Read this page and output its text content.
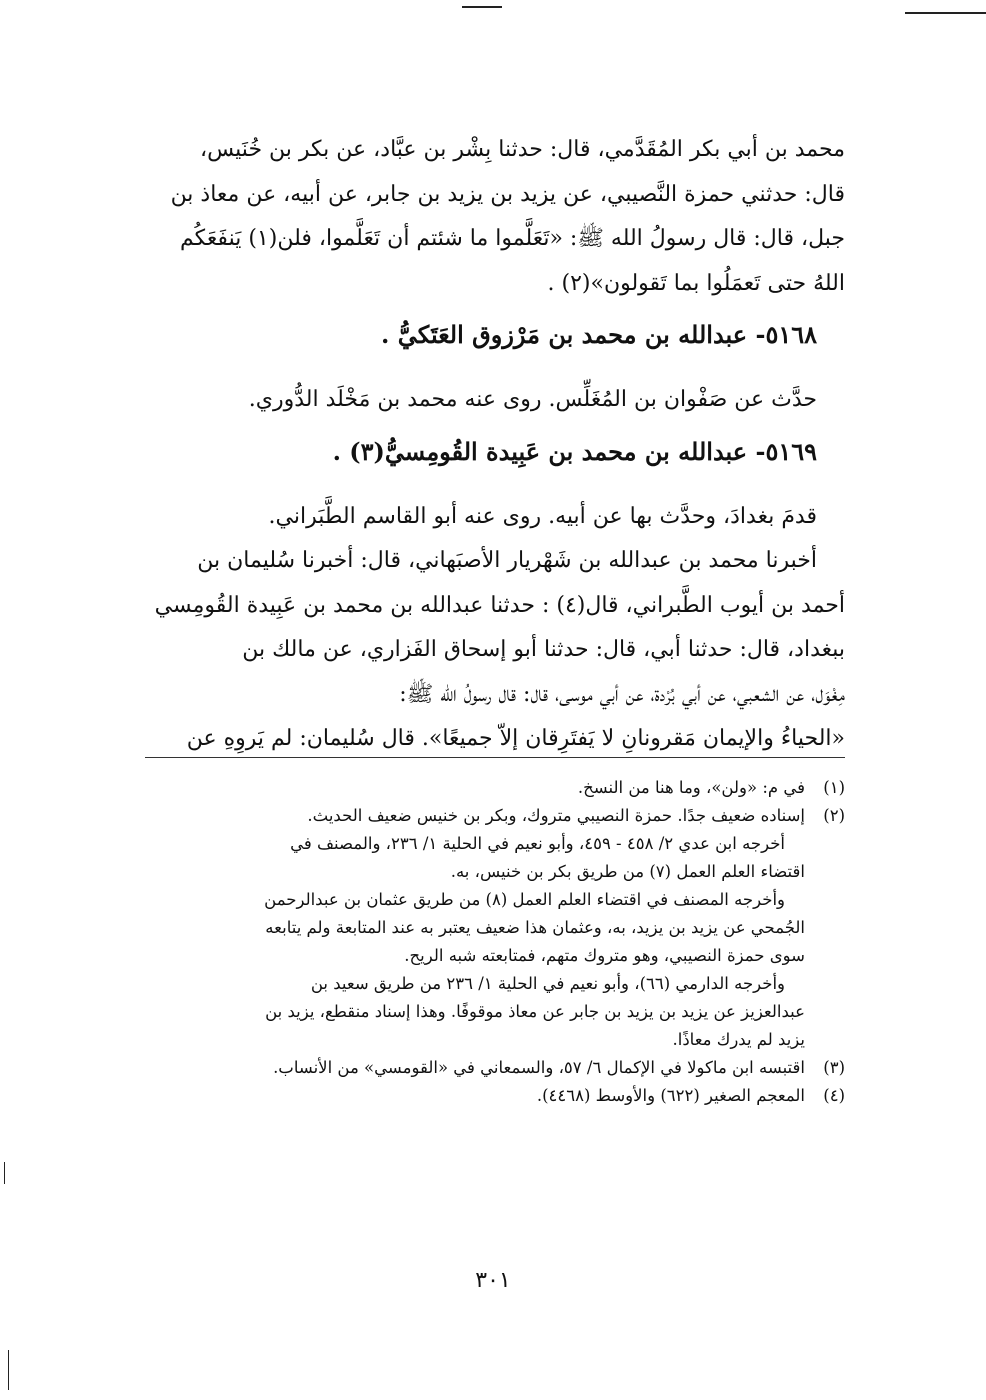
محمد بن أبي بكر المُقَدَّمي، قال: حدثنا بِشْر بن عبَّاد، عن بكر بن خُنَيس،
قال: حدثني حمزة النَّصيبي، عن يزيد بن يزيد بن جابر، عن أبيه، عن معاذ بن
جبل، قال: قال رسولُ الله ﷺ: «تَعَلَّموا ما شئتم أن تَعَلَّموا، فلن(١) يَنفَعَكُم
اللهُ حتى تَعمَلُوا بما تَقولون»(٢) .
٥١٦٨- عبدالله بن محمد بن مَرْزوق العَتَكيُّ .
حدَّث عن صَفْوان بن المُغَلِّس. روى عنه محمد بن مَخْلَد الدُّوري.
٥١٦٩- عبدالله بن محمد بن عَبِيدة القُومِسيُّ(٣) .
قدمَ بغدادَ، وحدَّث بها عن أبيه. روى عنه أبو القاسم الطَّبَراني.
أخبرنا محمد بن عبدالله بن شَهْريار الأصبَهاني، قال: أخبرنا سُليمان بن
أحمد بن أيوب الطَّبراني، قال(٤) : حدثنا عبدالله بن محمد بن عَبِيدة القُومِسي
ببغداد، قال: حدثنا أبي، قال: حدثنا أبو إسحاق الفَزاري، عن مالك بن
مِغْوَل، عن الشعبي، عن أبي بُرْدة، عن أبي موسى، قال: قال رسولُ الله ﷺ:
«الحياءُ والإيمان مَقرونانِ لا يَفتَرِقان إلاّ جميعًا». قال سُليمان: لم يَروِهِ عن
(١)في م: «ولن»، وما هنا من النسخ.
(٢)إسناده ضعيف جدًا. حمزة النصيبي متروك، وبكر بن خنيس ضعيف الحديث.
أخرجه ابن عدي ٢/ ٤٥٨ - ٤٥٩، وأبو نعيم في الحلية ١/ ٢٣٦، والمصنف في
اقتضاء العلم العمل (٧) من طريق بكر بن خنيس، به.
وأخرجه المصنف في اقتضاء العلم العمل (٨) من طريق عثمان بن عبدالرحمن
الجُمحي عن يزيد بن يزيد، به، وعثمان هذا ضعيف يعتبر به عند المتابعة ولم يتابعه
سوى حمزة النصيبي، وهو متروك متهم، فمتابعته شبه الريح.
وأخرجه الدارمي (٦٦)، وأبو نعيم في الحلية ١/ ٢٣٦ من طريق سعيد بن
عبدالعزيز عن يزيد بن يزيد بن جابر عن معاذ موقوفًا. وهذا إسناد منقطع، يزيد بن
يزيد لم يدرك معاذًا.
(٣)اقتبسه ابن ماكولا في الإكمال ٦/ ٥٧، والسمعاني في «القومسي» من الأنساب.
(٤)المعجم الصغير (٦٢٢) والأوسط (٤٤٦٨).
٣٠١
